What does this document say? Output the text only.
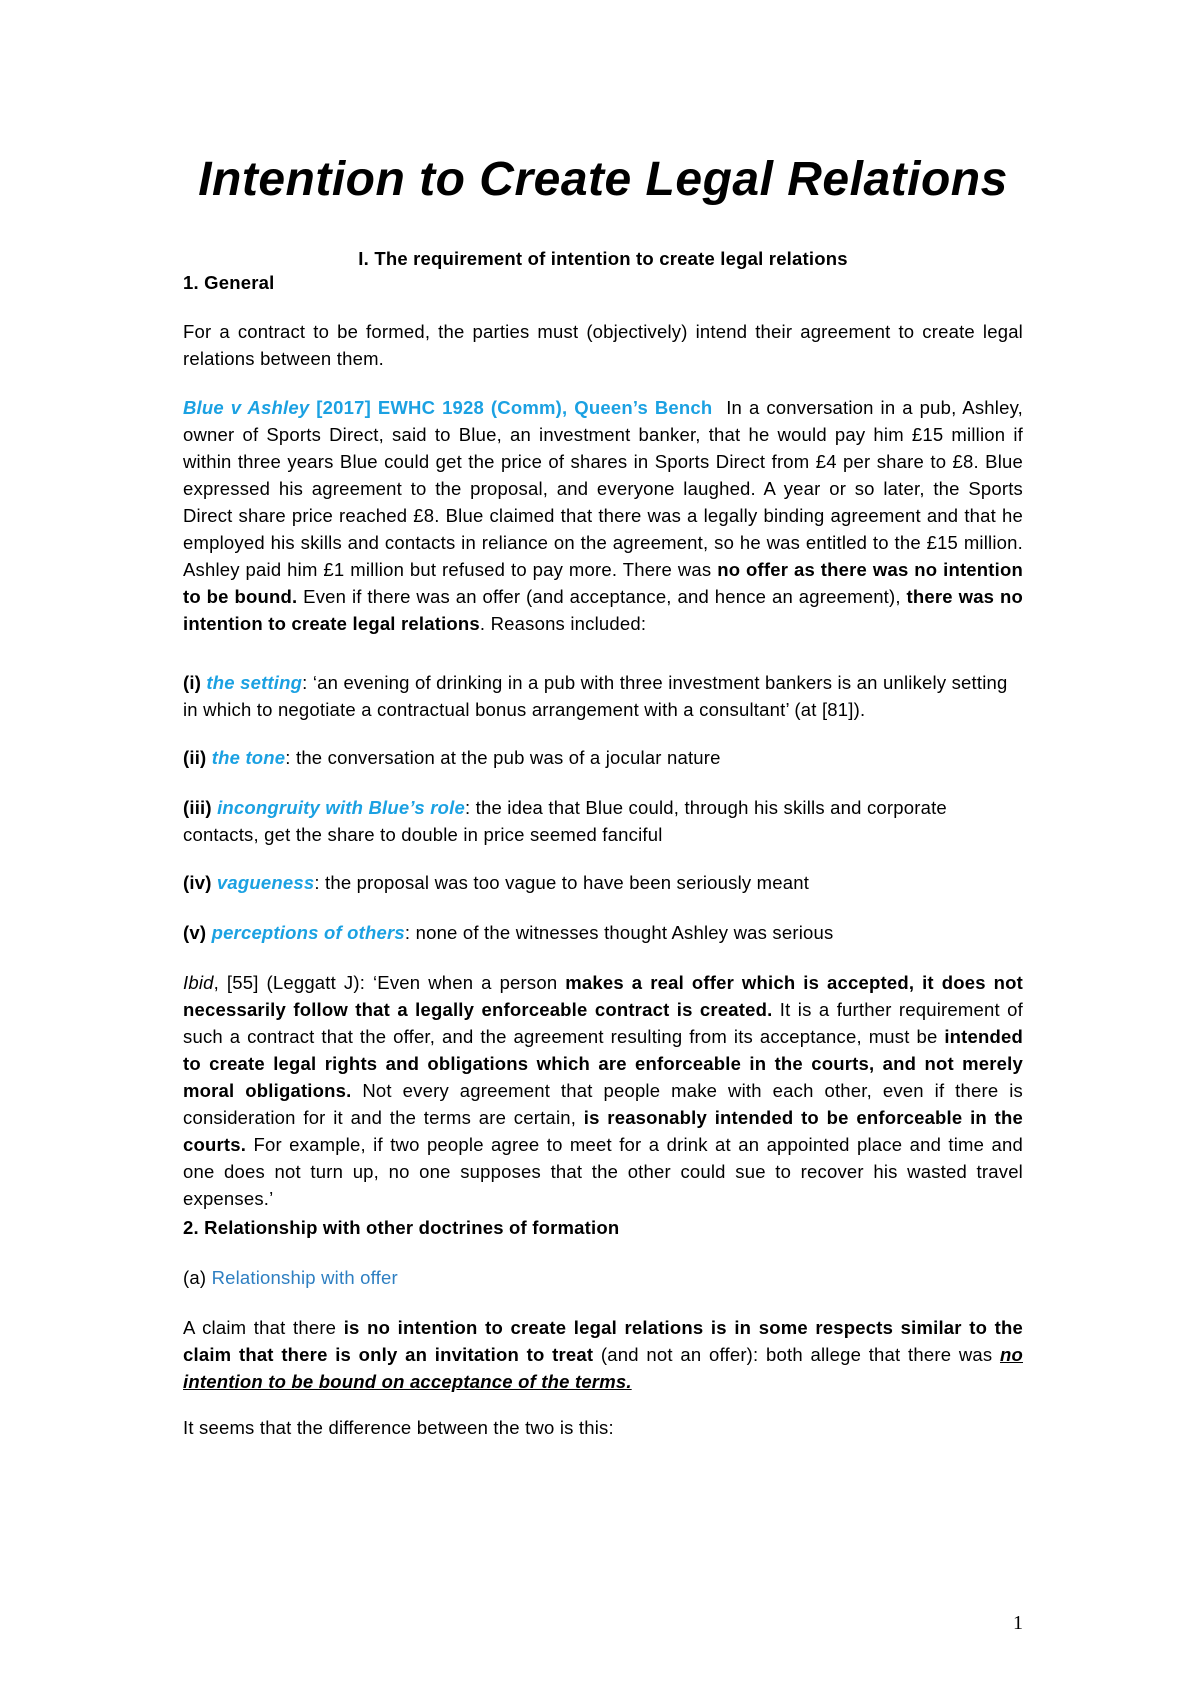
Intention to Create Legal Relations

I. The requirement of intention to create legal relations

1. General

For a contract to be formed, the parties must (objectively) intend their agreement to create legal relations between them.

Blue v Ashley [2017] EWHC 1928 (Comm), Queen’s Bench In a conversation in a pub, Ashley, owner of Sports Direct, said to Blue, an investment banker, that he would pay him £15 million if within three years Blue could get the price of shares in Sports Direct from £4 per share to £8. Blue expressed his agreement to the proposal, and everyone laughed. A year or so later, the Sports Direct share price reached £8. Blue claimed that there was a legally binding agreement and that he employed his skills and contacts in reliance on the agreement, so he was entitled to the £15 million. Ashley paid him £1 million but refused to pay more. There was no offer as there was no intention to be bound. Even if there was an offer (and acceptance, and hence an agreement), there was no intention to create legal relations. Reasons included:

(i) the setting: ‘an evening of drinking in a pub with three investment bankers is an unlikely setting in which to negotiate a contractual bonus arrangement with a consultant’ (at [81]).

(ii) the tone: the conversation at the pub was of a jocular nature

(iii) incongruity with Blue’s role: the idea that Blue could, through his skills and corporate contacts, get the share to double in price seemed fanciful

(iv) vagueness: the proposal was too vague to have been seriously meant

(v) perceptions of others: none of the witnesses thought Ashley was serious

Ibid, [55] (Leggatt J): ‘Even when a person makes a real offer which is accepted, it does not necessarily follow that a legally enforceable contract is created. It is a further requirement of such a contract that the offer, and the agreement resulting from its acceptance, must be intended to create legal rights and obligations which are enforceable in the courts, and not merely moral obligations. Not every agreement that people make with each other, even if there is consideration for it and the terms are certain, is reasonably intended to be enforceable in the courts. For example, if two people agree to meet for a drink at an appointed place and time and one does not turn up, no one supposes that the other could sue to recover his wasted travel expenses.’

2. Relationship with other doctrines of formation

(a) Relationship with offer

A claim that there is no intention to create legal relations is in some respects similar to the claim that there is only an invitation to treat (and not an offer): both allege that there was no intention to be bound on acceptance of the terms.

It seems that the difference between the two is this:

1
